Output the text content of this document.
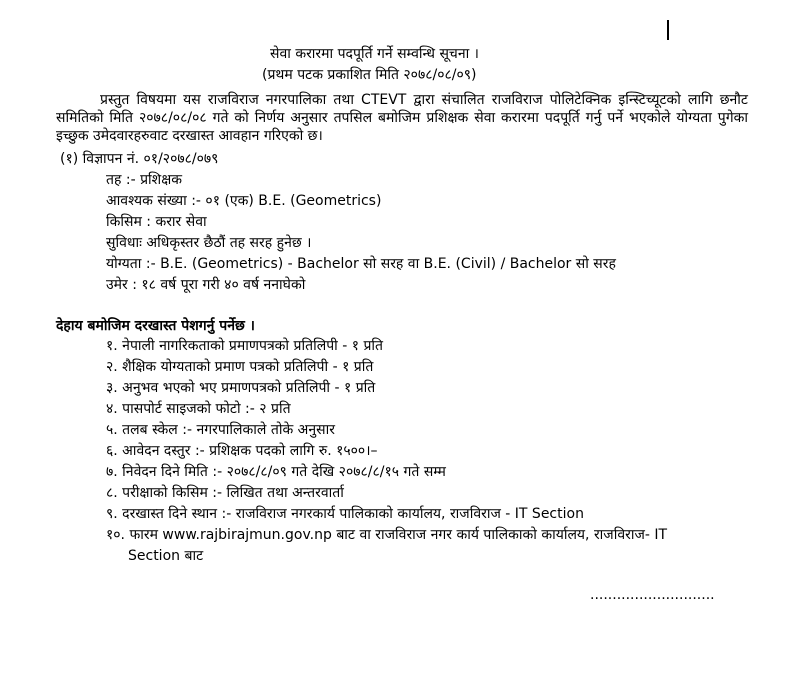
सेवा करारमा पदपूर्ति गर्ने सम्वन्धि सूचना ।
(प्रथम पटक प्रकाशित मिति २०७८/०८/०९)
प्रस्तुत विषयमा यस राजविराज नगरपालिका तथा CTEVT द्वारा संचालित राजविराज पोलिटेक्निक इन्स्टिच्यूटको लागि छनौट समितिको मिति २०७८/०८/०८ गते को निर्णय अनुसार तपसिल बमोजिम प्रशिक्षक सेवा करारमा पदपूर्ति गर्नु पर्ने भएकोले योग्यता पुगेका इच्छुक उमेदवारहरुवाट दरखास्त आवहान गरिएको छ।
(१) विज्ञापन नं. ०१/२०७८/०७९
तह :- प्रशिक्षक
आवश्यक संख्या :- ०१ (एक) B.E. (Geometrics)
किसिम : करार सेवा
सुविधाः अधिकृस्तर छैठौं तह सरह हुनेछ ।
योग्यता :- B.E. (Geometrics) - Bachelor सो सरह वा B.E. (Civil) / Bachelor सो सरह
उमेर : १८ वर्ष पूरा गरी ४० वर्ष ननाघेको
देहाय बमोजिम दरखास्त पेशगर्नु पर्नेछ ।
१. नेपाली नागरिकताको प्रमाणपत्रको प्रतिलिपी - १ प्रति
२. शैक्षिक योग्यताको प्रमाण पत्रको प्रतिलिपी - १ प्रति
३. अनुभव भएको भए प्रमाणपत्रको प्रतिलिपी - १ प्रति
४. पासपोर्ट साइजको फोटो :- २ प्रति
५. तलब स्केल :- नगरपालिकाले तोके अनुसार
६. आवेदन दस्तुर :- प्रशिक्षक पदको लागि रु. १५००।–
७. निवेदन दिने मिति :- २०७८/८/०९ गते देखि २०७८/८/१५ गते सम्म
८. परीक्षाको किसिम :- लिखित तथा अन्तरवार्ता
९. दरखास्त दिने स्थान :- राजविराज नगरकार्य पालिकाको कार्यालय, राजविराज - IT Section
१०. फारम www.rajbirajmun.gov.np बाट वा राजविराज नगर कार्य पालिकाको कार्यालय, राजविराज- IT
Section बाट
............................
